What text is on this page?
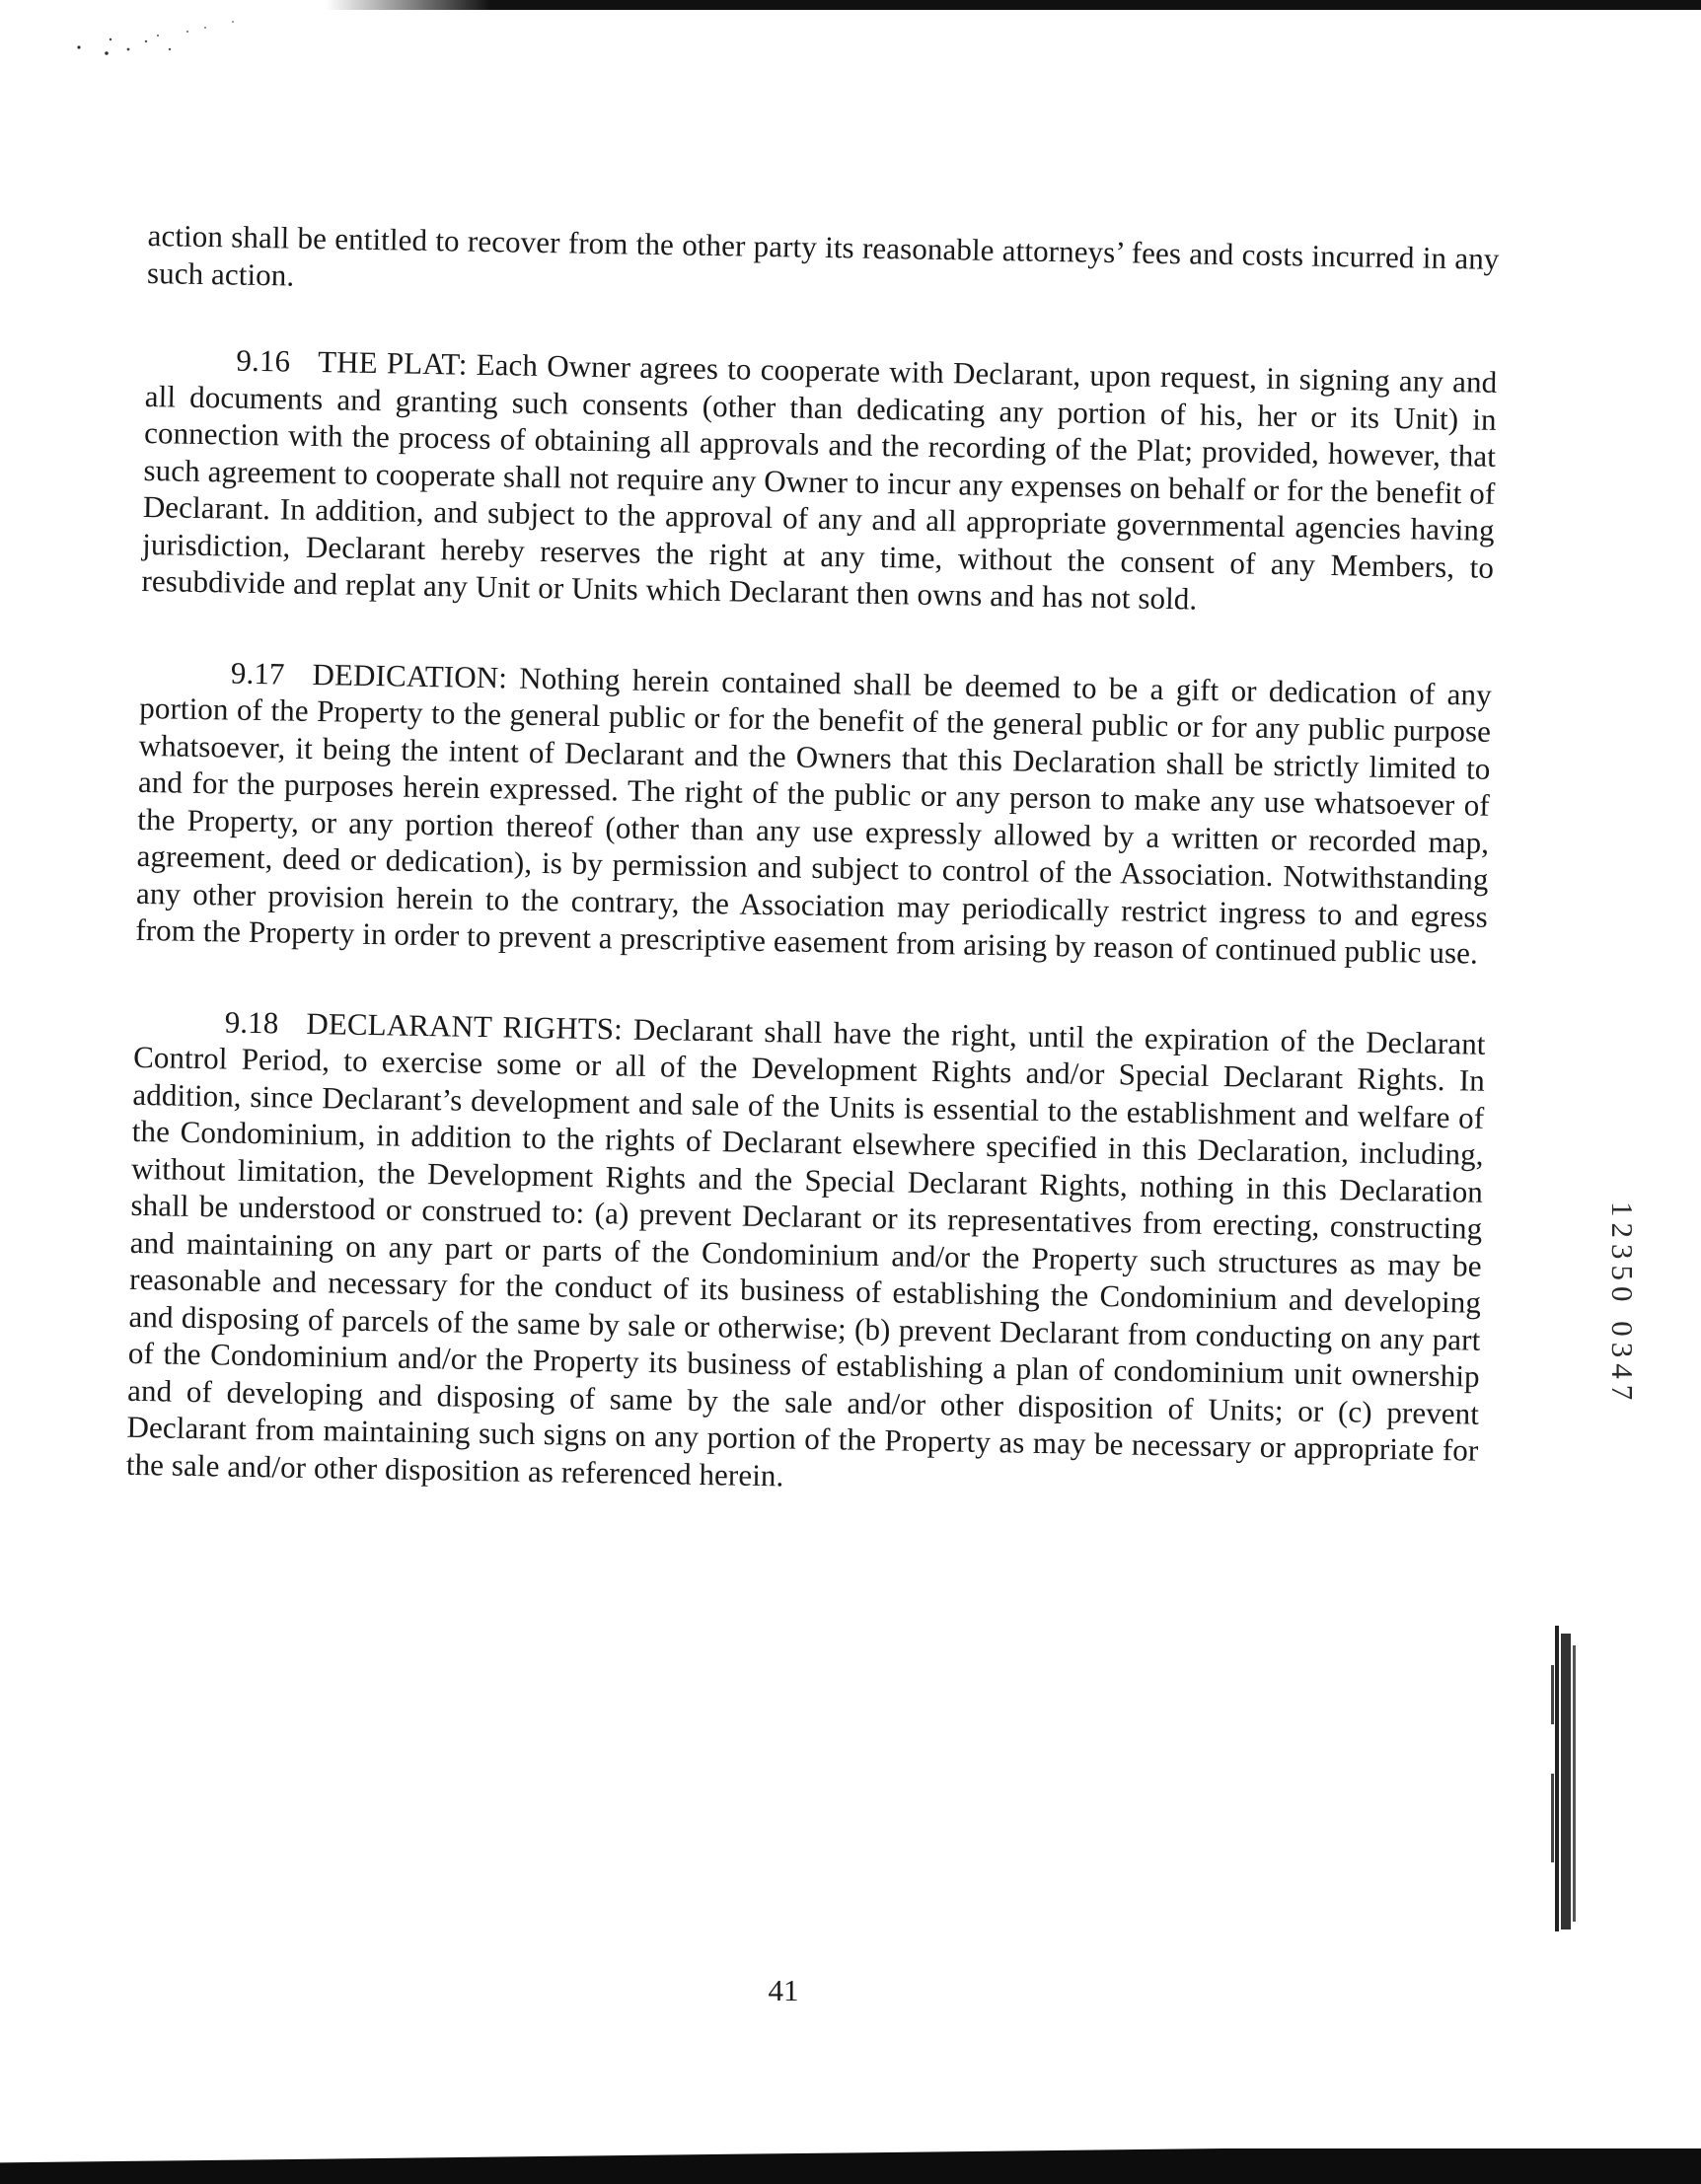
action shall be entitled to recover from the other party its reasonable attorneys’ fees and costs incurred in any such action.

9.16 THE PLAT: Each Owner agrees to cooperate with Declarant, upon request, in signing any and all documents and granting such consents (other than dedicating any portion of his, her or its Unit) in connection with the process of obtaining all approvals and the recording of the Plat; provided, however, that such agreement to cooperate shall not require any Owner to incur any expenses on behalf or for the benefit of Declarant. In addition, and subject to the approval of any and all appropriate governmental agencies having jurisdiction, Declarant hereby reserves the right at any time, without the consent of any Members, to resubdivide and replat any Unit or Units which Declarant then owns and has not sold.

9.17 DEDICATION: Nothing herein contained shall be deemed to be a gift or dedication of any portion of the Property to the general public or for the benefit of the general public or for any public purpose whatsoever, it being the intent of Declarant and the Owners that this Declaration shall be strictly limited to and for the purposes herein expressed. The right of the public or any person to make any use whatsoever of the Property, or any portion thereof (other than any use expressly allowed by a written or recorded map, agreement, deed or dedication), is by permission and subject to control of the Association. Notwithstanding any other provision herein to the contrary, the Association may periodically restrict ingress to and egress from the Property in order to prevent a prescriptive easement from arising by reason of continued public use.

9.18 DECLARANT RIGHTS: Declarant shall have the right, until the expiration of the Declarant Control Period, to exercise some or all of the Development Rights and/or Special Declarant Rights. In addition, since Declarant’s development and sale of the Units is essential to the establishment and welfare of the Condominium, in addition to the rights of Declarant elsewhere specified in this Declaration, including, without limitation, the Development Rights and the Special Declarant Rights, nothing in this Declaration shall be understood or construed to: (a) prevent Declarant or its representatives from erecting, constructing and maintaining on any part or parts of the Condominium and/or the Property such structures as may be reasonable and necessary for the conduct of its business of establishing the Condominium and developing and disposing of parcels of the same by sale or otherwise; (b) prevent Declarant from conducting on any part of the Condominium and/or the Property its business of establishing a plan of condominium unit ownership and of developing and disposing of same by the sale and/or other disposition of Units; or (c) prevent Declarant from maintaining such signs on any portion of the Property as may be necessary or appropriate for the sale and/or other disposition as referenced herein.

12350 0347
41
